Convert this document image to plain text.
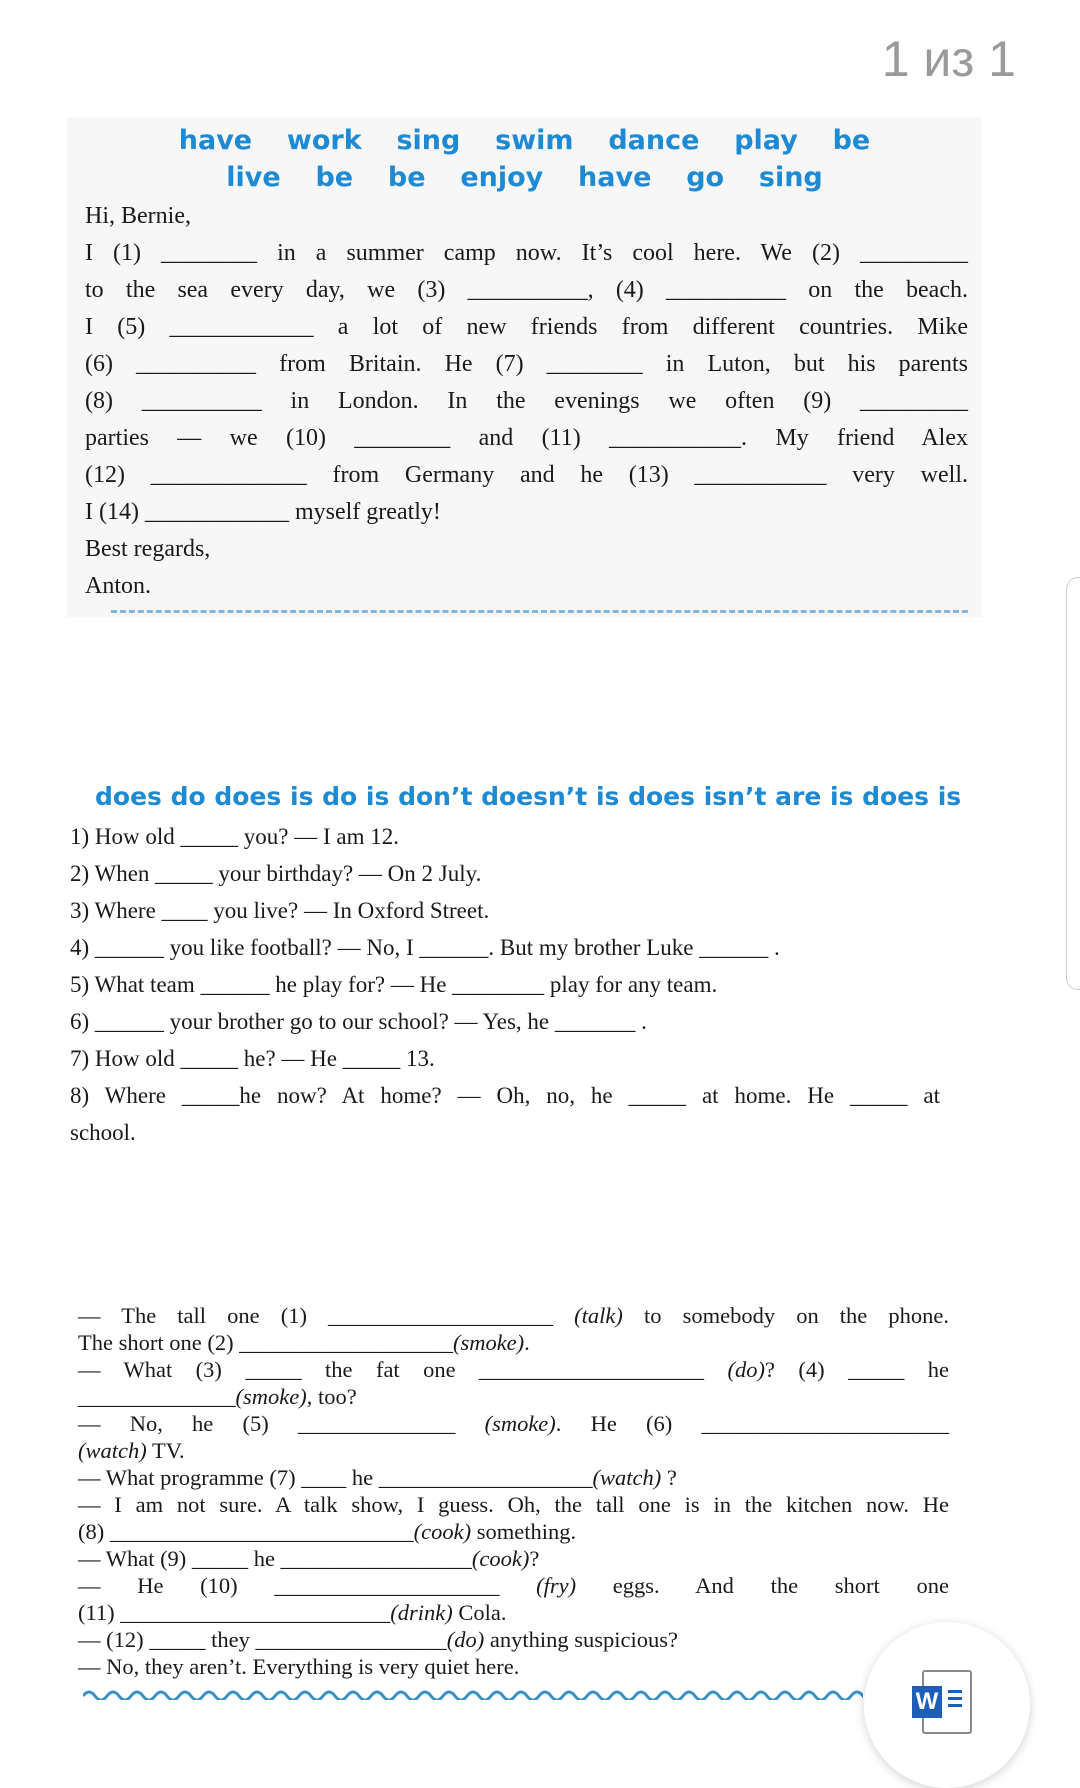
1 из 1
have  work  sing  swim  dance  play  be
live  be  be  enjoy  have  go  sing
Hi, Bernie,
I (1) ________ in a summer camp now. It’s cool here. We (2) _________
to the sea every day, we (3) __________, (4) __________ on the beach.
I (5) ____________ a lot of new friends from different countries. Mike
(6) __________ from Britain. He (7) ________ in Luton, but his parents
(8) __________ in London. In the evenings we often (9) _________
parties — we (10) ________ and (11) ___________. My friend Alex
(12) _____________ from Germany and he (13) ___________ very well.
I (14) ____________ myself greatly!
Best regards,
Anton.
does do does is do is don’t doesn’t is does isn’t are is does is
1) How old _____ you? — I am 12.
2) When _____ your birthday? — On 2 July.
3) Where ____ you live? — In Oxford Street.
4) ______ you like football? — No, I ______. But my brother Luke ______ .
5) What team ______ he play for? — He ________ play for any team.
6) ______ your brother go to our school? — Yes, he _______ .
7) How old _____ he? — He _____ 13.
8) Where _____he now? At home? — Oh, no, he _____ at home. He _____ at
school.
— The tall one (1) ____________________ (talk) to somebody on the phone.
The short one (2) ___________________(smoke).
— What (3) _____ the fat one ____________________ (do)? (4) _____ he
______________(smoke), too?
— No, he (5) ______________ (smoke). He (6) ______________________
(watch) TV.
— What programme (7) ____ he ___________________(watch) ?
— I am not sure. A talk show, I guess. Oh, the tall one is in the kitchen now. He
(8) ___________________________(cook) something.
— What (9) _____ he _________________(cook)?
— He (10) ____________________ (fry) eggs. And the short one
(11) ________________________(drink) Cola.
— (12) _____ they _________________(do) anything suspicious?
— No, they aren’t. Everything is very quiet here.
W
